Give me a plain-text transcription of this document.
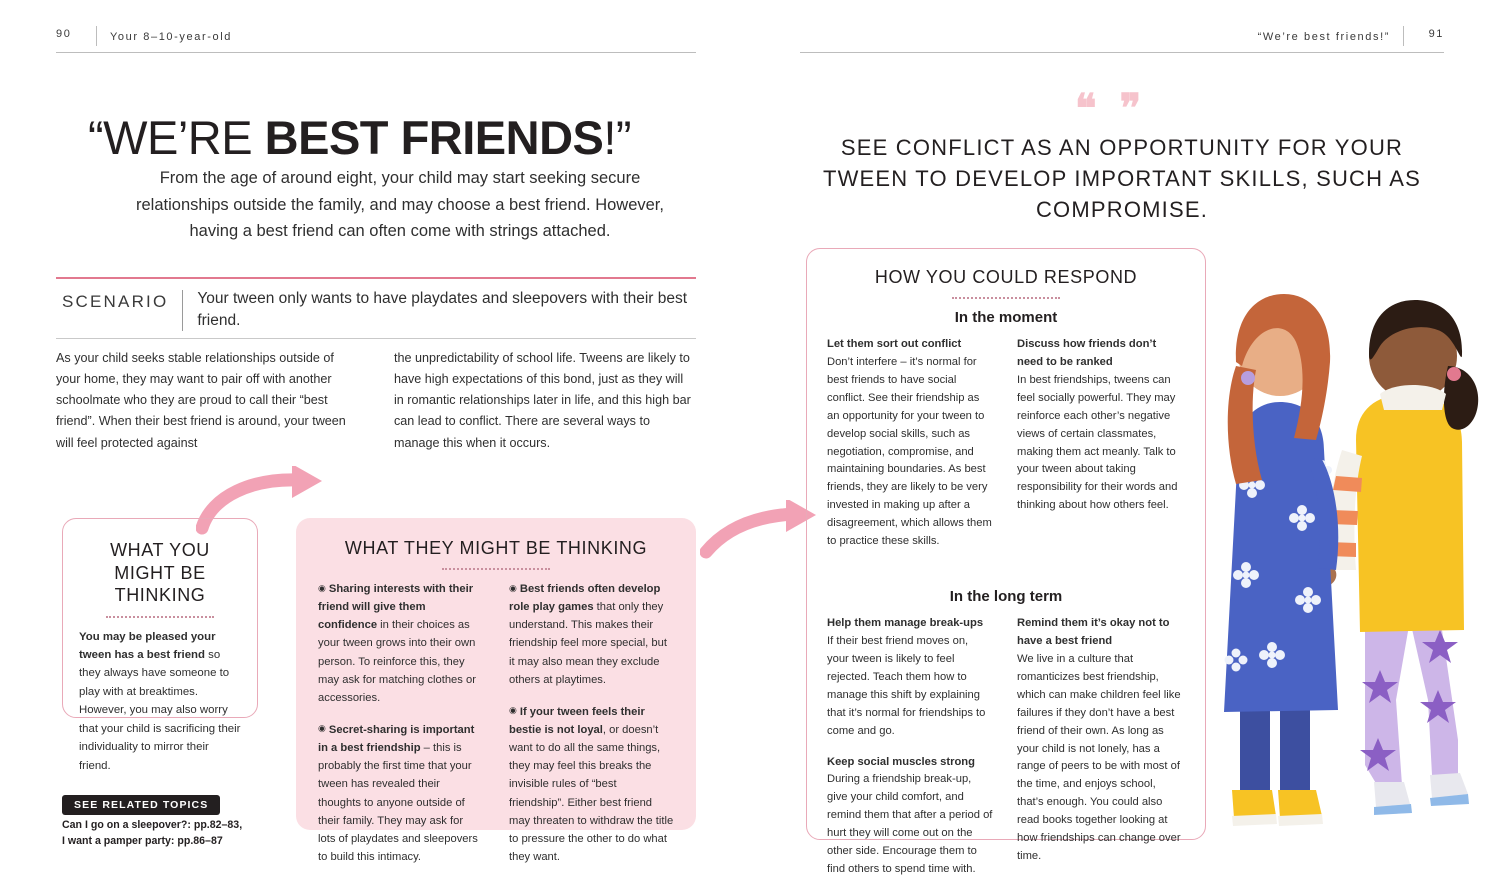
90	Your 8–10-year-old	“We’re best friends!”	91
“WE’RE BEST FRIENDS!”
From the age of around eight, your child may start seeking secure relationships outside the family, and may choose a best friend. However, having a best friend can often come with strings attached.
SCENARIO	Your tween only wants to have playdates and sleepovers with their best friend.

As your child seeks stable relationships outside of your home, they may want to pair off with another schoolmate who they are proud to call their “best friend”. When their best friend is around, your tween will feel protected against

the unpredictability of school life. Tweens are likely to have high expectations of this bond, just as they will in romantic relationships later in life, and this high bar can lead to conflict. There are several ways to manage this when it occurs.

WHAT YOU MIGHT BE THINKING

You may be pleased your tween has a best friend so they always have someone to play with at breaktimes. However, you may also worry that your child is sacrificing their individuality to mirror their friend.

WHAT THEY MIGHT BE THINKING

◉ Sharing interests with their friend will give them confidence in their choices as your tween grows into their own person. To reinforce this, they may ask for matching clothes or accessories.

◉ Secret-sharing is important in a best friendship – this is probably the first time that your tween has revealed their thoughts to anyone outside of their family. They may ask for lots of playdates and sleepovers to build this intimacy.

◉ Best friends often develop role play games that only they understand. This makes their friendship feel more special, but it may also mean they exclude others at playtimes.

◉ If your tween feels their bestie is not loyal, or doesn’t want to do all the same things, they may feel this breaks the invisible rules of “best friendship”. Either best friend may threaten to withdraw the title to pressure the other to do what they want.

SEE RELATED TOPICS
Can I go on a sleepover?: pp.82–83,
I want a pamper party: pp.86–87
❝ ❞
SEE CONFLICT AS AN OPPORTUNITY FOR YOUR TWEEN TO DEVELOP IMPORTANT SKILLS, SUCH AS COMPROMISE.
HOW YOU COULD RESPOND
In the moment

Let them sort out conflict
Don’t interfere – it’s normal for best friends to have social conflict. See their friendship as an opportunity for your tween to develop social skills, such as negotiation, compromise, and maintaining boundaries. As best friends, they are likely to be very invested in making up after a disagreement, which allows them to practice these skills.

Discuss how friends don’t need to be ranked
In best friendships, tweens can feel socially powerful. They may reinforce each other’s negative views of certain classmates, making them act meanly. Talk to your tween about taking responsibility for their words and thinking about how others feel.

In the long term

Help them manage break-ups
If their best friend moves on, your tween is likely to feel rejected. Teach them how to manage this shift by explaining that it’s normal for friendships to come and go.

Keep social muscles strong
During a friendship break-up, give your child comfort, and remind them that after a period of hurt they will come out on the other side. Encourage them to find others to spend time with.

Remind them it’s okay not to have a best friend
We live in a culture that romanticizes best friendship, which can make children feel like failures if they don’t have a best friend of their own. As long as your child is not lonely, has a range of peers to be with most of the time, and enjoys school, that’s enough. You could also read books together looking at how friendships can change over time.
